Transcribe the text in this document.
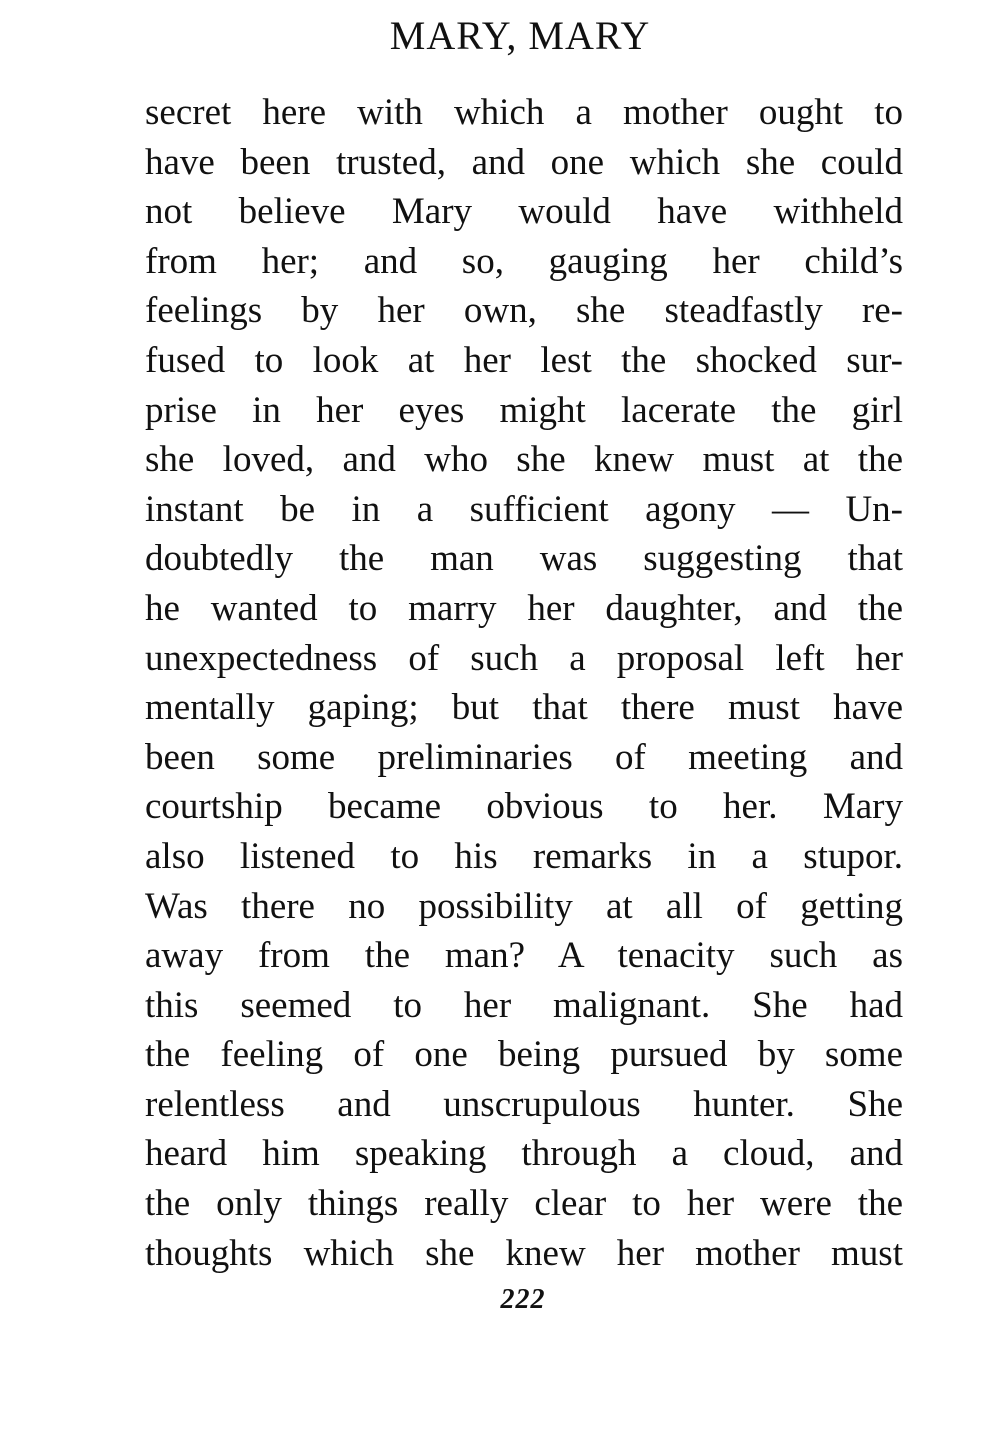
MARY, MARY
secret here with which a mother ought to
have been trusted, and one which she could
not believe Mary would have withheld
from her; and so, gauging her child’s
feelings by her own, she steadfastly re-
fused to look at her lest the shocked sur-
prise in her eyes might lacerate the girl
she loved, and who she knew must at the
instant be in a sufficient agony — Un-
doubtedly the man was suggesting that
he wanted to marry her daughter, and the
unexpectedness of such a proposal left her
mentally gaping; but that there must have
been some preliminaries of meeting and
courtship became obvious to her. Mary
also listened to his remarks in a stupor.
Was there no possibility at all of getting
away from the man? A tenacity such as
this seemed to her malignant. She had
the feeling of one being pursued by some
relentless and unscrupulous hunter. She
heard him speaking through a cloud, and
the only things really clear to her were the
thoughts which she knew her mother must
222
